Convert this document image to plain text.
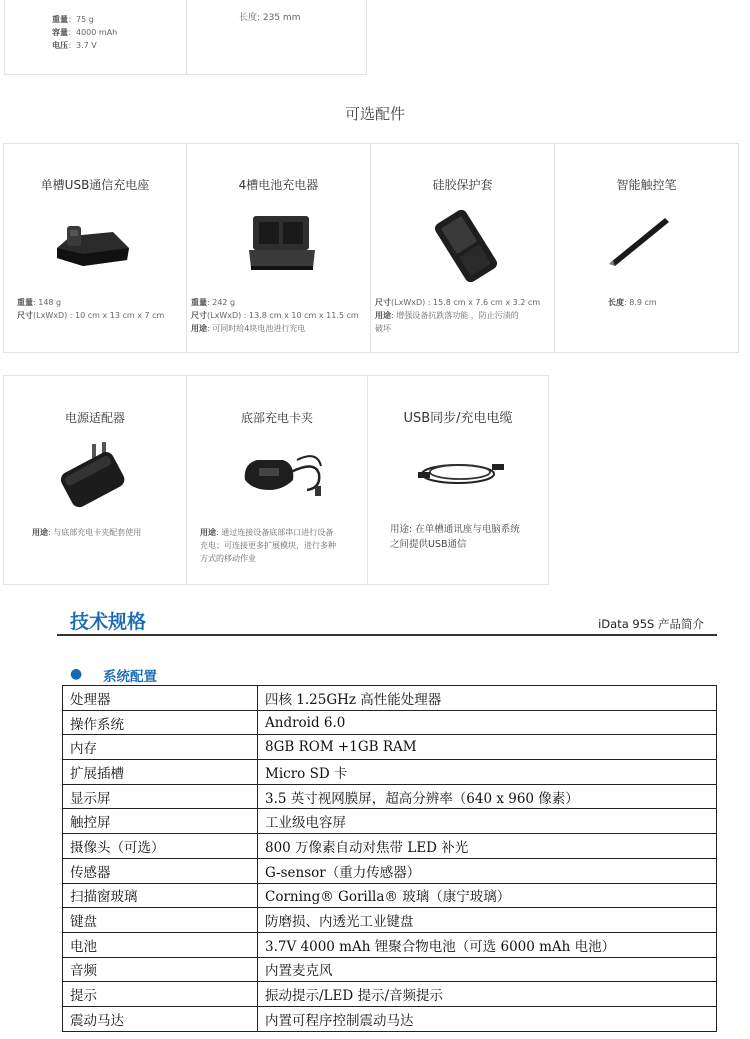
重量：75 g
容量：4000 mAh
电压：3.7 V
长度: 235 mm
可选配件
单槽USB通信充电座
重量: 148 g
尺寸(LxWxD) : 10 cm x 13 cm x 7 cm
4槽电池充电器
重量: 242 g
尺寸(LxWxD) : 13.8 cm x 10 cm x 11.5 cm
用途: 可同时给4块电池进行充电
硅胶保护套
尺寸(LxWxD) : 15.8 cm x 7.6 cm x 3.2 cm
用途: 增强设备抗跌落功能 ，防止污渍的
破坏
智能触控笔
长度: 8.9 cm
电源适配器
用途: 与底部充电卡夹配套使用
底部充电卡夹
用途: 通过连接设备底部串口进行设备
充电；可连接更多扩展模块，进行多种
方式的移动作业
USB同步/充电电缆
用途: 在单槽通讯座与电脑系统
之间提供USB通信
技术规格	iData 95S 产品简介
● 系统配置
处理器	四核 1.25GHz 高性能处理器
操作系统	Android 6.0
内存	8GB ROM +1GB RAM
扩展插槽	Micro SD 卡
显示屏	3.5 英寸视网膜屏，超高分辨率（640 x 960 像素）
触控屏	工业级电容屏
摄像头（可选）	800 万像素自动对焦带 LED 补光
传感器	G-sensor（重力传感器）
扫描窗玻璃	Corning® Gorilla® 玻璃（康宁玻璃）
键盘	防磨损、内透光工业键盘
电池	3.7V 4000 mAh 锂聚合物电池（可选 6000 mAh 电池）
音频	内置麦克风
提示	振动提示/LED 提示/音频提示
震动马达	内置可程序控制震动马达
